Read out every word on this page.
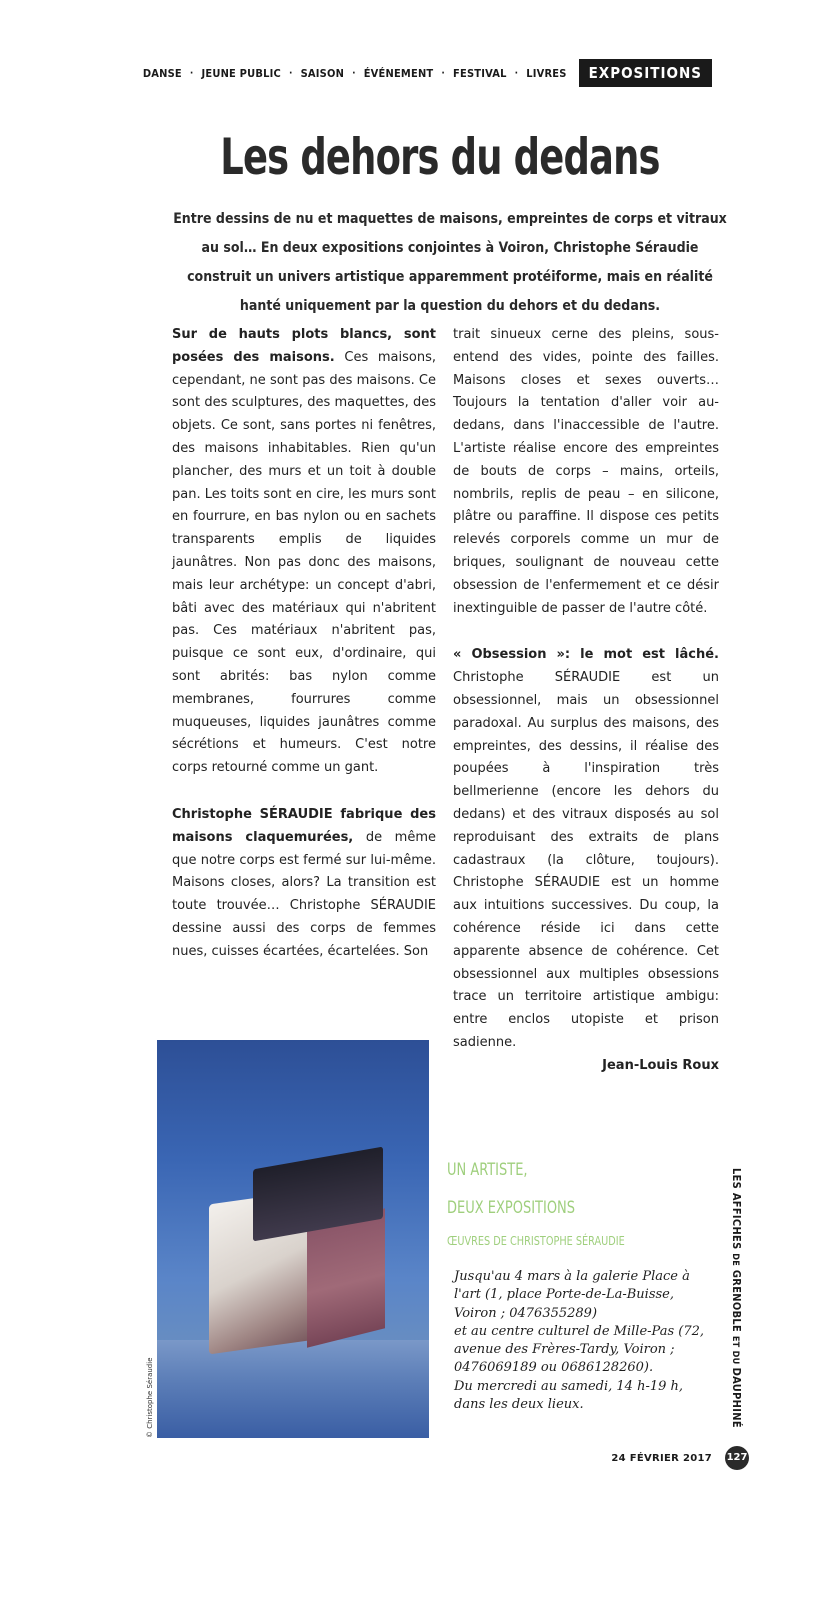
DANSE · JEUNE PUBLIC · SAISON · ÉVÉNEMENT · FESTIVAL · LIVRES	EXPOSITIONS
Les dehors du dedans
Entre dessins de nu et maquettes de maisons, empreintes de corps et vitraux au sol… En deux expositions conjointes à Voiron, Christophe Séraudie construit un univers artistique apparemment protéiforme, mais en réalité hanté uniquement par la question du dehors et du dedans.

Sur de hauts plots blancs, sont posées des maisons. Ces maisons, cependant, ne sont pas des maisons. Ce sont des sculptures, des maquettes, des objets. Ce sont, sans portes ni fenêtres, des maisons inhabitables. Rien qu'un plancher, des murs et un toit à double pan. Les toits sont en cire, les murs sont en fourrure, en bas nylon ou en sachets transparents emplis de liquides jaunâtres. Non pas donc des maisons, mais leur archétype: un concept d'abri, bâti avec des matériaux qui n'abritent pas. Ces matériaux n'abritent pas, puisque ce sont eux, d'ordinaire, qui sont abrités: bas nylon comme membranes, fourrures comme muqueuses, liquides jaunâtres comme sécrétions et humeurs. C'est notre corps retourné comme un gant.

Christophe SÉRAUDIE fabrique des maisons claquemurées, de même que notre corps est fermé sur lui-même. Maisons closes, alors? La transition est toute trouvée… Christophe SÉRAUDIE dessine aussi des corps de femmes nues, cuisses écartées, écartelées. Son

trait sinueux cerne des pleins, sous-entend des vides, pointe des failles. Maisons closes et sexes ouverts… Toujours la tentation d'aller voir au-dedans, dans l'inaccessible de l'autre. L'artiste réalise encore des empreintes de bouts de corps – mains, orteils, nombrils, replis de peau – en silicone, plâtre ou paraffine. Il dispose ces petits relevés corporels comme un mur de briques, soulignant de nouveau cette obsession de l'enfermement et ce désir inextinguible de passer de l'autre côté.

« Obsession »: le mot est lâché. Christophe SÉRAUDIE est un obsessionnel, mais un obsessionnel paradoxal. Au surplus des maisons, des empreintes, des dessins, il réalise des poupées à l'inspiration très bellmerienne (encore les dehors du dedans) et des vitraux disposés au sol reproduisant des extraits de plans cadastraux (la clôture, toujours). Christophe SÉRAUDIE est un homme aux intuitions successives. Du coup, la cohérence réside ici dans cette apparente absence de cohérence. Cet obsessionnel aux multiples obsessions trace un territoire artistique ambigu: entre enclos utopiste et prison sadienne.

Jean-Louis Roux

© Christophe Séraudie
UN ARTISTE,
DEUX EXPOSITIONS
ŒUVRES DE CHRISTOPHE SÉRAUDIE

Jusqu'au 4 mars à la galerie Place à l'art (1, place Porte-de-La-Buisse, Voiron ; 0476355289)

et au centre culturel de Mille-Pas (72, avenue des Frères-Tardy, Voiron ; 0476069189 ou 0686128260).

Du mercredi au samedi, 14 h-19 h, dans les deux lieux.

LES AFFICHES DE GRENOBLE ET DU DAUPHINÉ
24 FÉVRIER 2017 127
